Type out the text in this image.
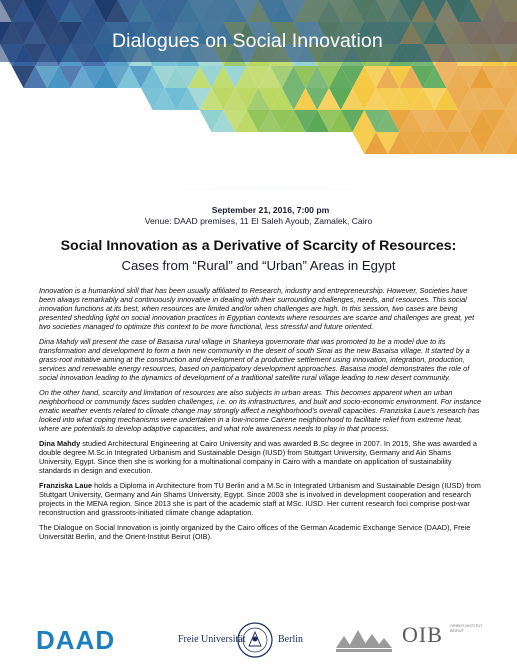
Dialogues on Social Innovation
September 21, 2016, 7:00 pm
Venue: DAAD premises, 11 El Saleh Ayoub, Zamalek, Cairo
Social Innovation as a Derivative of Scarcity of Resources:
Cases from “Rural” and “Urban” Areas in Egypt

Innovation is a humankind skill that has been usually affiliated to Research, industry and entrepreneurship. However, Societies have been always remarkably and continuously innovative in dealing with their surrounding challenges, needs, and resources. This social innovation functions at its best, when resources are limited and/or when challenges are high. In this session, two cases are being presented shedding light on social innovation practices in Egyptian contexts where resources are scarce and challenges are great, yet two societies managed to optimize this context to be more functional, less stressful and future oriented.

Dina Mahdy will present the case of Basaisa rural village in Sharkeya governorate that was promoted to be a model due to its transformation and development to form a twin new community in the desert of south Sinai as the new Basaisa village. It started by a grass-root initiative aiming at the construction and development of a productive settlement using innovation, integration, production, services and renewable energy resources, based on participatory development approaches. Basaisa model demonstrates the role of social innovation leading to the dynamics of development of a traditional satellite rural village leading to new desert community.

On the other hand, scarcity and limitation of resources are also subjects in urban areas. This becomes apparent when an urban neighborhood or community faces sudden challenges, i.e. on its infrastructures, and built and socio-economic environment. For instance erratic weather events related to climate change may strongly affect a neighborhood’s overall capacities. Franziska Laue’s research has looked into what coping mechanisms were undertaken in a low-income Cairene neighborhood to facilitate relief from extreme heat, where are potentials to develop adaptive capacities, and what role awareness needs to play in that process.

Dina Mahdy studied Architectural Engineering at Cairo University and was awarded B.Sc degree in 2007. In 2015, She was awarded a double degree M.Sc.in Integrated Urbanism and Sustainable Design (IUSD) from Stuttgart University, Germany and Ain Shams University, Egypt. Since then she is working for a multinational company in Cairo with a mandate on application of sustainability standards in design and execution.

Franziska Laue holds a Diploma in Architecture from TU Berlin and a M.Sc in Integrated Urbanism and Sustainable Design (IUSD) from Stuttgart University, Germany and Ain Shams University, Egypt. Since 2003 she is involved in development cooperation and research projects in the MENA region. Since 2013 she is part of the academic staff at MSc. IUSD. Her current research foci comprise post-war reconstruction and grassroots-initiated climate change adaptation.

The Dialogue on Social Innovation is jointly organized by the Cairo offices of the German Academic Exchange Service (DAAD), Freie Universität Berlin, and the Orient-Institut Beirut (OIB).

DAAD	Freie Universität	Berlin	OIB ORIENT-INSTITUT BEIRUT
